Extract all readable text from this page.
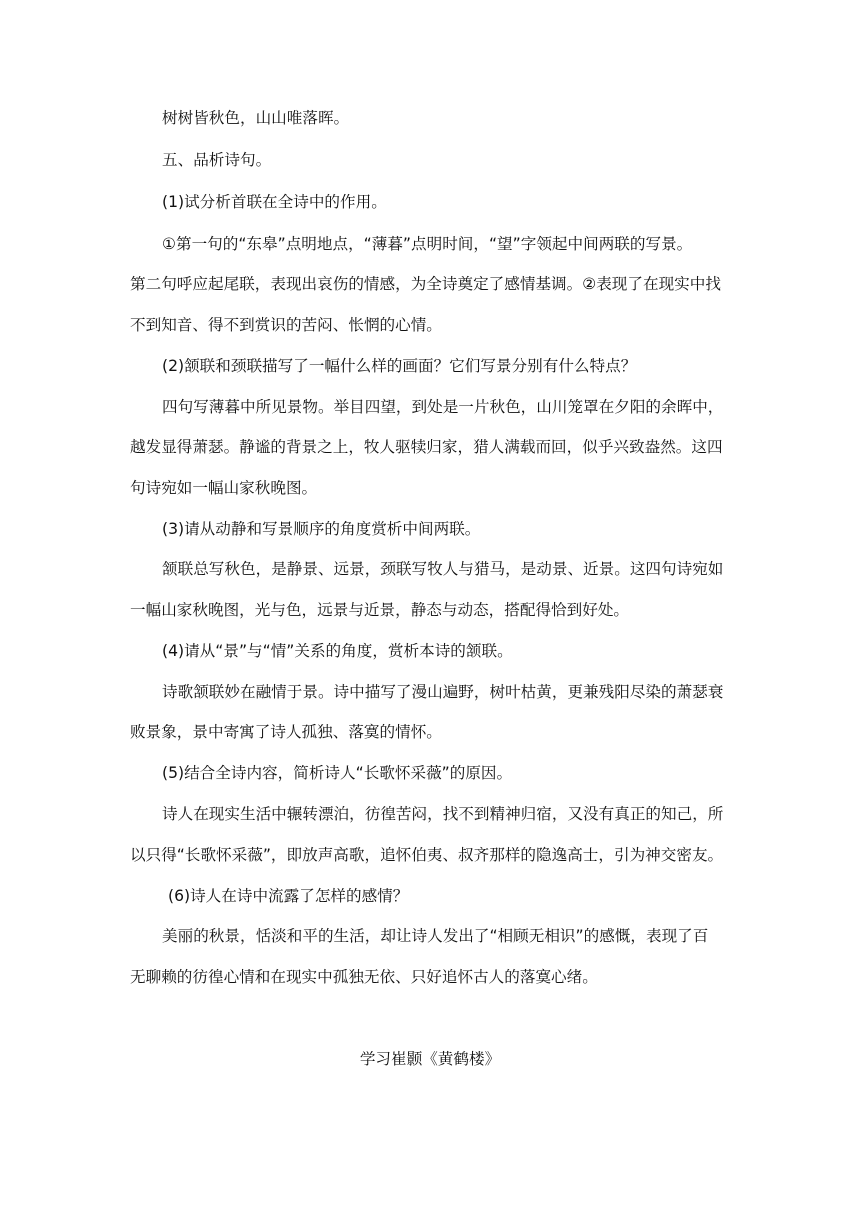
树树皆秋色，山山唯落晖。
五、品析诗句。
(1)试分析首联在全诗中的作用。
①第一句的“东皋”点明地点，“薄暮”点明时间，“望”字领起中间两联的写景。
第二句呼应起尾联，表现出哀伤的情感，为全诗奠定了感情基调。②表现了在现实中找
不到知音、得不到赏识的苦闷、怅惘的心情。
(2)颔联和颈联描写了一幅什么样的画面？它们写景分别有什么特点？
四句写薄暮中所见景物。举目四望，到处是一片秋色，山川笼罩在夕阳的余晖中，
越发显得萧瑟。静谧的背景之上，牧人驱犊归家，猎人满载而回，似乎兴致盎然。这四
句诗宛如一幅山家秋晚图。
(3)请从动静和写景顺序的角度赏析中间两联。
颔联总写秋色，是静景、远景，颈联写牧人与猎马，是动景、近景。这四句诗宛如
一幅山家秋晚图，光与色，远景与近景，静态与动态，搭配得恰到好处。
(4)请从“景”与“情”关系的角度，赏析本诗的颔联。
诗歌颔联妙在融情于景。诗中描写了漫山遍野，树叶枯黄，更兼残阳尽染的萧瑟衰
败景象，景中寄寓了诗人孤独、落寞的情怀。
(5)结合全诗内容，简析诗人“长歌怀采薇”的原因。
诗人在现实生活中辗转漂泊，彷徨苦闷，找不到精神归宿，又没有真正的知己，所
以只得“长歌怀采薇”，即放声高歌，追怀伯夷、叔齐那样的隐逸高士，引为神交密友。
(6)诗人在诗中流露了怎样的感情？
美丽的秋景，恬淡和平的生活，却让诗人发出了“相顾无相识”的感慨，表现了百
无聊赖的彷徨心情和在现实中孤独无依、只好追怀古人的落寞心绪。
学习崔颢《黄鹤楼》
